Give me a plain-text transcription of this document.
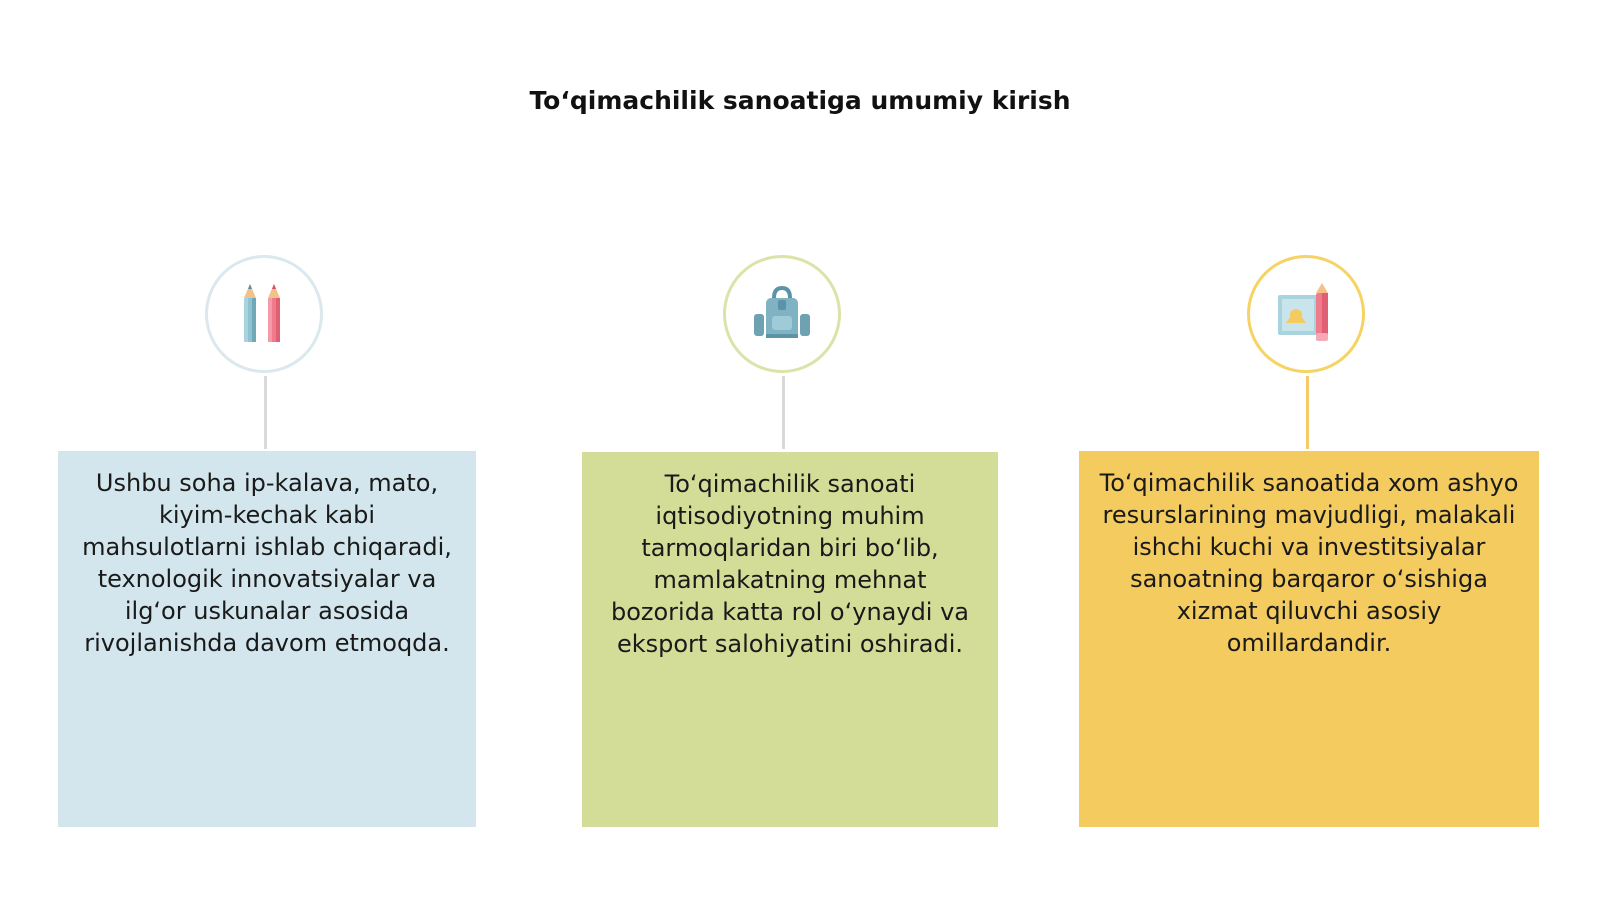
To‘qimachilik sanoatiga umumiy kirish
Ushbu soha ip-kalava, mato, kiyim-kechak kabi mahsulotlarni ishlab chiqaradi, texnologik innovatsiyalar va ilg‘or uskunalar asosida rivojlanishda davom etmoqda.
To‘qimachilik sanoati iqtisodiyotning muhim tarmoqlaridan biri bo‘lib, mamlakatning mehnat bozorida katta rol o‘ynaydi va eksport salohiyatini oshiradi.
To‘qimachilik sanoatida xom ashyo resurslarining mavjudligi, malakali ishchi kuchi va investitsiyalar sanoatning barqaror o‘sishiga xizmat qiluvchi asosiy omillardandir.
